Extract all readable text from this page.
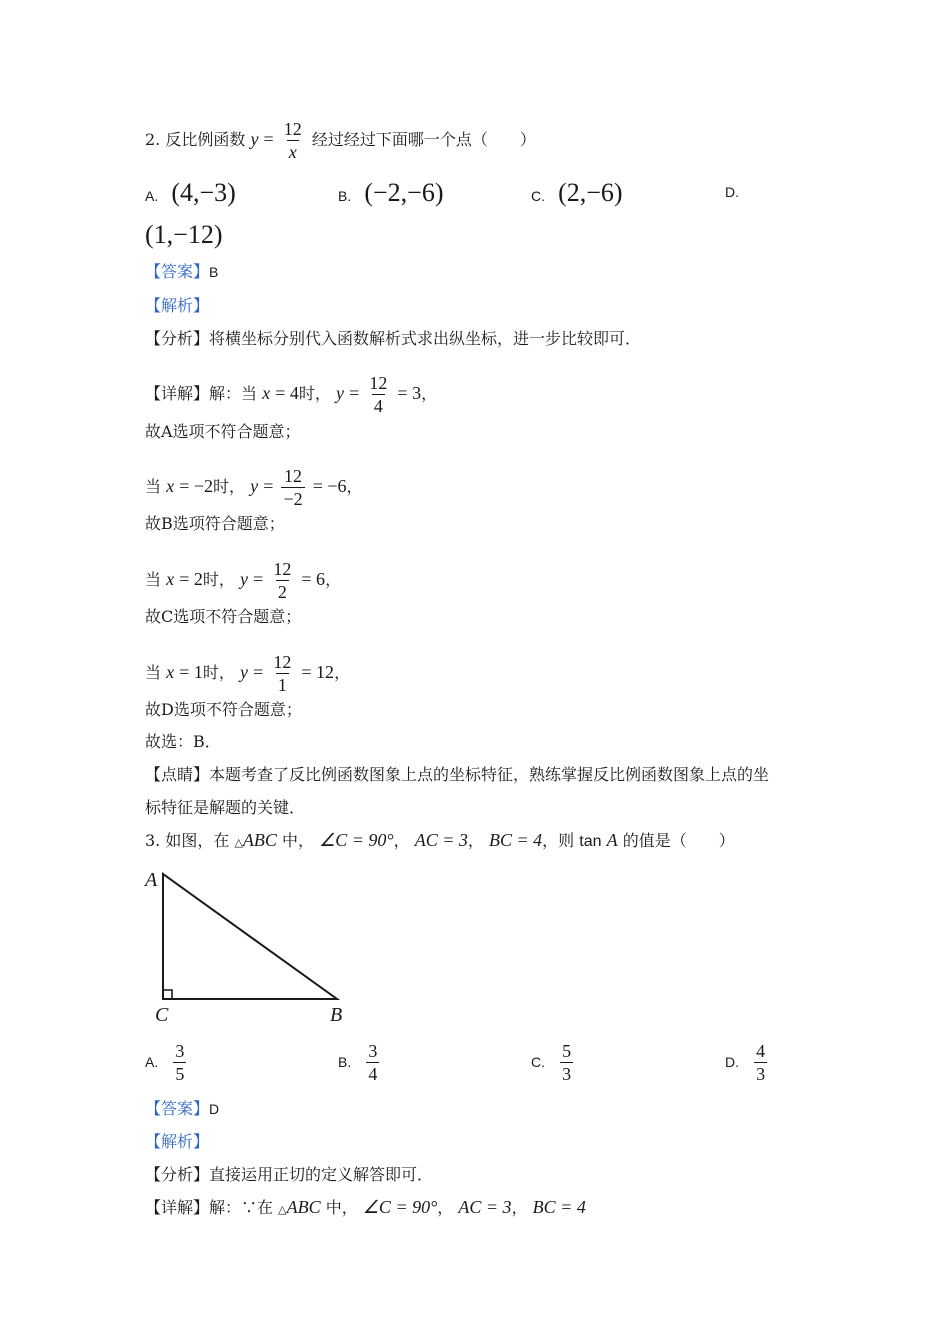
2. 反比例函数 $y = \frac{12}{x}$ 经过经过下面哪一个点（　　）
A. (4,−3)	B. (−2,−6)	C. (2,−6)	D.
(1,−12)
【答案】B
【解析】
【分析】将横坐标分别代入函数解析式求出纵坐标，进一步比较即可．
【详解】解：当 x = 4时， $y = \frac{12}{4} = 3$，
故A选项不符合题意；
当 x = −2时， $y = \frac{12}{-2} = -6$，
故B选项符合题意；
当 x = 2时， $y = \frac{12}{2} = 6$，
故C选项不符合题意；
当 x = 1时， $y = \frac{12}{1} = 12$，
故D选项不符合题意；
故选：B．
【点睛】本题考查了反比例函数图象上点的坐标特征，熟练掌握反比例函数图象上点的坐
标特征是解题的关键．
3. 如图，在 △ABC 中， ∠C = 90°， AC = 3， BC = 4，则 tan A 的值是（　　）
A
C	B
A. $\frac{3}{5}$	B. $\frac{3}{4}$	C. $\frac{5}{3}$	D. $\frac{4}{3}$
【答案】D
【解析】
【分析】直接运用正切的定义解答即可．
【详解】解：∵在 △ABC 中， ∠C = 90°， AC = 3， BC = 4
